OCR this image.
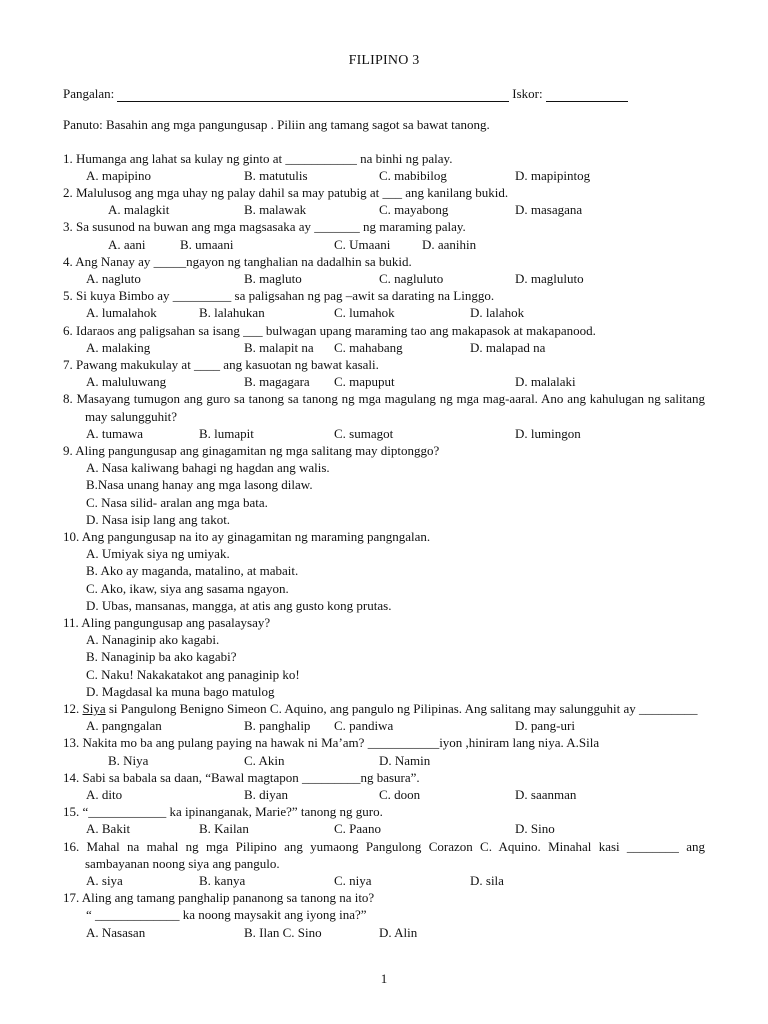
FILIPINO 3
Pangalan:	Iskor:
Panuto: Basahin ang mga pangungusap . Piliin ang tamang sagot sa bawat tanong.
1. Humanga ang lahat sa kulay ng ginto at ___________ na binhi ng palay.
A. mapipino	B. matutulis	C. mabibilog	D. mapipintog
2. Malulusog ang mga uhay ng palay dahil sa may patubig at ___ ang kanilang bukid.
A. malagkit	B. malawak	C. mayabong	D. masagana
3. Sa susunod na buwan ang mga magsasaka ay _______ ng maraming palay.
A. aani	B. umaani	C. Umaani D. aanihin
4. Ang Nanay ay _____ngayon ng tanghalian na dadalhin sa bukid.
A. nagluto	B. magluto	C. nagluluto	D. magluluto
5. Si kuya Bimbo ay _________ sa paligsahan ng pag –awit sa darating na Linggo.
A. lumalahok	B. lalahukan	C. lumahok	D. lalahok
6. Idaraos ang paligsahan sa isang ___ bulwagan upang maraming tao ang makapasok at makapanood.
A. malaking	B. malapit na C. mahabang	D. malapad na
7. Pawang makukulay at ____ ang kasuotan ng bawat kasali.
A. maluluwang	B. magagara C. mapuput	D. malalaki
8. Masayang tumugon ang guro sa tanong sa tanong ng mga magulang ng mga mag-aaral. Ano ang kahulugan ng salitang may salungguhit?
A. tumawa	B. lumapit	C. sumagot	D. lumingon
9. Aling pangungusap ang ginagamitan ng mga salitang may diptonggo?
A. Nasa kaliwang bahagi ng hagdan ang walis.
B.Nasa unang hanay ang mga lasong dilaw.
C. Nasa silid- aralan ang mga bata.
D. Nasa isip lang ang takot.
10. Ang pangungusap na ito ay ginagamitan ng maraming pangngalan.
A. Umiyak siya ng umiyak.
B. Ako ay maganda, matalino, at mabait.
C. Ako, ikaw, siya ang sasama ngayon.
D. Ubas, mansanas, mangga, at atis ang gusto kong prutas.
11. Aling pangungusap ang pasalaysay?
A. Nanaginip ako kagabi.
B. Nanaginip ba ako kagabi?
C. Naku! Nakakatakot ang panaginip ko!
D. Magdasal ka muna bago matulog
12. Siya si Pangulong Benigno Simeon C. Aquino, ang pangulo ng Pilipinas. Ang salitang may salungguhit ay _________
A. pangngalan	B. panghalip C. pandiwa	D. pang-uri
13. Nakita mo ba ang pulang paying na hawak ni Ma’am? ___________iyon ,hiniram lang niya. A.Sila
B. Niya	C. Akin	D. Namin
14. Sabi sa babala sa daan, “Bawal magtapon _________ng basura”.
A. dito	B. diyan	C. doon	D. saanman
15. “____________ ka ipinanganak, Marie?” tanong ng guro.
A. Bakit	B. Kailan	C. Paano	D. Sino
16. Mahal na mahal ng mga Pilipino ang yumaong Pangulong Corazon C. Aquino. Minahal kasi ________ ang sambayanan noong siya ang pangulo.
A. siya	B. kanya	C. niya	D. sila
17. Aling ang tamang panghalip pananong sa tanong na ito?
“ _____________ ka noong maysakit ang iyong ina?”
A. Nasasan	B. Ilan C. Sino	D. Alin
1
